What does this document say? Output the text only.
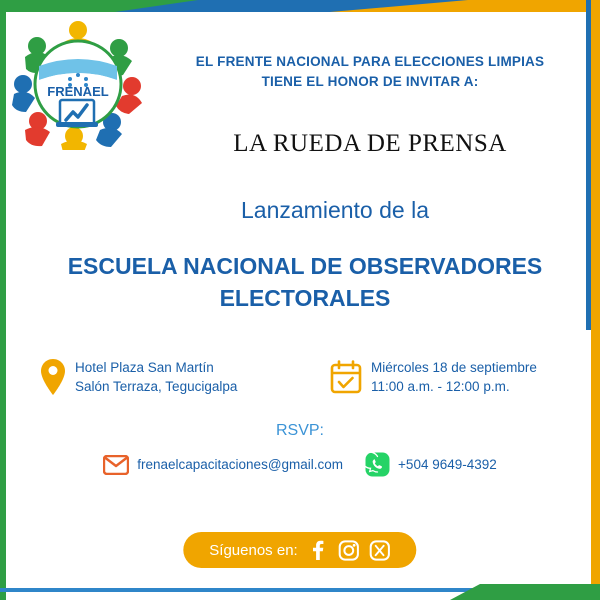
FRENAEL
EL FRENTE NACIONAL PARA ELECCIONES LIMPIAS
TIENE EL HONOR DE INVITAR A:
LA RUEDA DE PRENSA
Lanzamiento de la
ESCUELA NACIONAL DE OBSERVADORES
ELECTORALES
Hotel Plaza San Martín
Salón Terraza, Tegucigalpa
Miércoles 18 de septiembre
11:00 a.m. - 12:00 p.m.
RSVP:
frenaelcapacitaciones@gmail.com	+504 9649-4392
Síguenos en:
